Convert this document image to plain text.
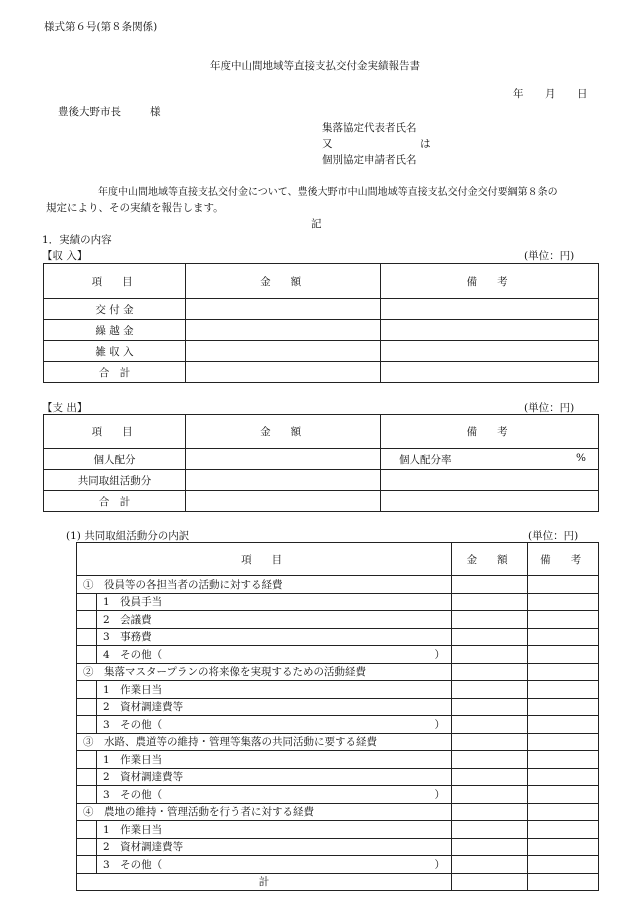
様式第６号(第８条関係)
年度中山間地域等直接支払交付金実績報告書
年 月 日
豊後大野市長	様
集落協定代表者氏名
又	は
個別協定申請者氏名
年度中山間地域等直接支払交付金について、豊後大野市中山間地域等直接支払交付金交付要綱第８条の
規定により、その実績を報告します。
記
1．実績の内容
【収 入】	(単位：円)
項　目	金　額	備　考
交 付 金		
繰 越 金		
雑 収 入		
合　計		
【支 出】	(単位：円)
項　目	金　額	備　考
個人配分		個人配分率 %

共同取組活動分		
合　計		
(1) 共同取組活動分の内訳	(単位：円)
項　目		金　額	備　考
①　役員等の各担当者の活動に対する経費			
	1　役員手当		
	2　会議費		
	3　事務費		
	4　その他（ ）		

②　集落マスタープランの将来像を実現するための活動経費			
	1　作業日当		
	2　資材調達費等		
	3　その他（ ）		

③　水路、農道等の維持・管理等集落の共同活動に要する経費			
	1　作業日当		
	2　資材調達費等		
	3　その他（ ）		

④　農地の維持・管理活動を行う者に対する経費			
	1　作業日当		
	2　資材調達費等		
	3　その他（ ）		

計			
